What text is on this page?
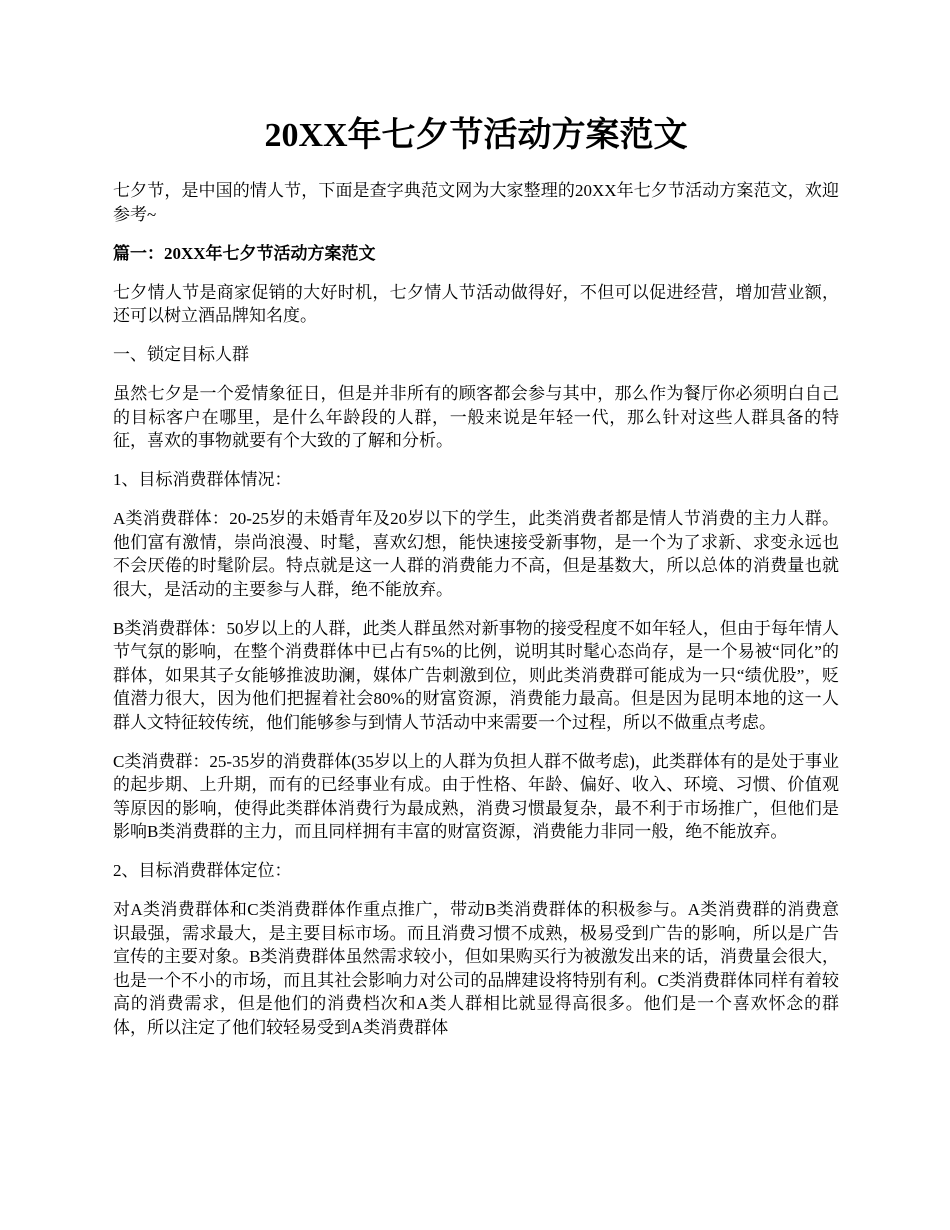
20XX年七夕节活动方案范文

七夕节，是中国的情人节，下面是查字典范文网为大家整理的20XX年七夕节活动方案范文，欢迎参考~

篇一：20XX年七夕节活动方案范文

七夕情人节是商家促销的大好时机，七夕情人节活动做得好，不但可以促进经营，增加营业额，还可以树立酒品牌知名度。

一、锁定目标人群

虽然七夕是一个爱情象征日，但是并非所有的顾客都会参与其中，那么作为餐厅你必须明白自己的目标客户在哪里，是什么年龄段的人群，一般来说是年轻一代，那么针对这些人群具备的特征，喜欢的事物就要有个大致的了解和分析。

1、目标消费群体情况：

A类消费群体：20-25岁的未婚青年及20岁以下的学生，此类消费者都是情人节消费的主力人群。他们富有激情，崇尚浪漫、时髦，喜欢幻想，能快速接受新事物，是一个为了求新、求变永远也不会厌倦的时髦阶层。特点就是这一人群的消费能力不高，但是基数大，所以总体的消费量也就很大，是活动的主要参与人群，绝不能放弃。

B类消费群体：50岁以上的人群，此类人群虽然对新事物的接受程度不如年轻人，但由于每年情人节气氛的影响，在整个消费群体中已占有5%的比例，说明其时髦心态尚存，是一个易被“同化”的群体，如果其子女能够推波助澜，媒体广告刺激到位，则此类消费群可能成为一只“绩优股”，贬值潜力很大，因为他们把握着社会80%的财富资源，消费能力最高。但是因为昆明本地的这一人群人文特征较传统，他们能够参与到情人节活动中来需要一个过程，所以不做重点考虑。

C类消费群：25-35岁的消费群体(35岁以上的人群为负担人群不做考虑)，此类群体有的是处于事业的起步期、上升期，而有的已经事业有成。由于性格、年龄、偏好、收入、环境、习惯、价值观等原因的影响，使得此类群体消费行为最成熟，消费习惯最复杂，最不利于市场推广，但他们是影响B类消费群的主力，而且同样拥有丰富的财富资源，消费能力非同一般，绝不能放弃。

2、目标消费群体定位：

对A类消费群体和C类消费群体作重点推广，带动B类消费群体的积极参与。A类消费群的消费意识最强，需求最大，是主要目标市场。而且消费习惯不成熟，极易受到广告的影响，所以是广告宣传的主要对象。B类消费群体虽然需求较小，但如果购买行为被激发出来的话，消费量会很大，也是一个不小的市场，而且其社会影响力对公司的品牌建设将特别有利。C类消费群体同样有着较高的消费需求，但是他们的消费档次和A类人群相比就显得高很多。他们是一个喜欢怀念的群体，所以注定了他们较轻易受到A类消费群体
